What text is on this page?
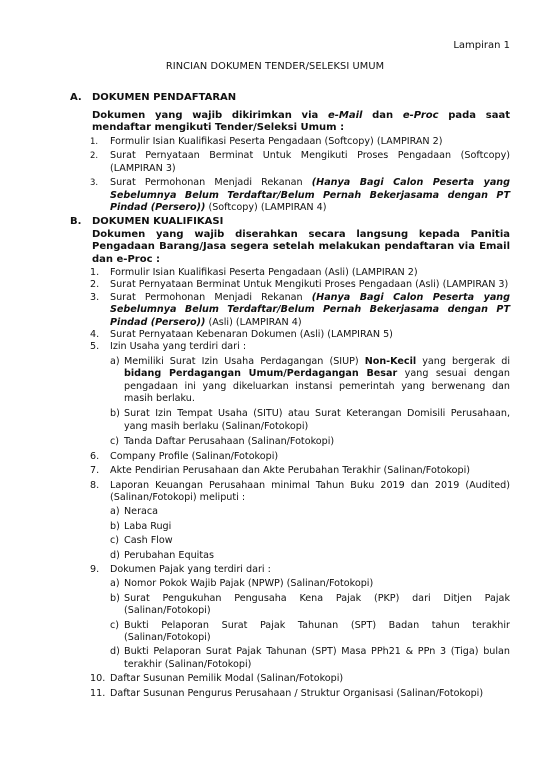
Lampiran 1
RINCIAN DOKUMEN TENDER/SELEKSI UMUM
A. DOKUMEN PENDAFTARAN
Dokumen yang wajib dikirimkan via e-Mail dan e-Proc pada saat mendaftar mengikuti Tender/Seleksi Umum :
1. Formulir Isian Kualifikasi Peserta Pengadaan (Softcopy) (LAMPIRAN 2)
2. Surat Pernyataan Berminat Untuk Mengikuti Proses Pengadaan (Softcopy) (LAMPIRAN 3)
3. Surat Permohonan Menjadi Rekanan (Hanya Bagi Calon Peserta yang Sebelumnya Belum Terdaftar/Belum Pernah Bekerjasama dengan PT Pindad (Persero)) (Softcopy) (LAMPIRAN 4)
B. DOKUMEN KUALIFIKASI
Dokumen yang wajib diserahkan secara langsung kepada Panitia Pengadaan Barang/Jasa segera setelah melakukan pendaftaran via Email dan e-Proc :
1. Formulir Isian Kualifikasi Peserta Pengadaan (Asli) (LAMPIRAN 2)
2. Surat Pernyataan Berminat Untuk Mengikuti Proses Pengadaan (Asli) (LAMPIRAN 3)
3. Surat Permohonan Menjadi Rekanan (Hanya Bagi Calon Peserta yang Sebelumnya Belum Terdaftar/Belum Pernah Bekerjasama dengan PT Pindad (Persero)) (Asli) (LAMPIRAN 4)
4. Surat Pernyataan Kebenaran Dokumen (Asli) (LAMPIRAN 5)
5. Izin Usaha yang terdiri dari :
a) Memiliki Surat Izin Usaha Perdagangan (SIUP) Non-Kecil yang bergerak di bidang Perdagangan Umum/Perdagangan Besar yang sesuai dengan pengadaan ini yang dikeluarkan instansi pemerintah yang berwenang dan masih berlaku.
b) Surat Izin Tempat Usaha (SITU) atau Surat Keterangan Domisili Perusahaan, yang masih berlaku (Salinan/Fotokopi)
c) Tanda Daftar Perusahaan (Salinan/Fotokopi)
6. Company Profile (Salinan/Fotokopi)
7. Akte Pendirian Perusahaan dan Akte Perubahan Terakhir (Salinan/Fotokopi)
8. Laporan Keuangan Perusahaan minimal Tahun Buku 2019 dan 2019 (Audited) (Salinan/Fotokopi) meliputi :
a) Neraca
b) Laba Rugi
c) Cash Flow
d) Perubahan Equitas
9. Dokumen Pajak yang terdiri dari :
a) Nomor Pokok Wajib Pajak (NPWP) (Salinan/Fotokopi)
b) Surat Pengukuhan Pengusaha Kena Pajak (PKP) dari Ditjen Pajak (Salinan/Fotokopi)
c) Bukti Pelaporan Surat Pajak Tahunan (SPT) Badan tahun terakhir (Salinan/Fotokopi)
d) Bukti Pelaporan Surat Pajak Tahunan (SPT) Masa PPh21 & PPn 3 (Tiga) bulan terakhir (Salinan/Fotokopi)
10. Daftar Susunan Pemilik Modal (Salinan/Fotokopi)
11. Daftar Susunan Pengurus Perusahaan / Struktur Organisasi (Salinan/Fotokopi)
